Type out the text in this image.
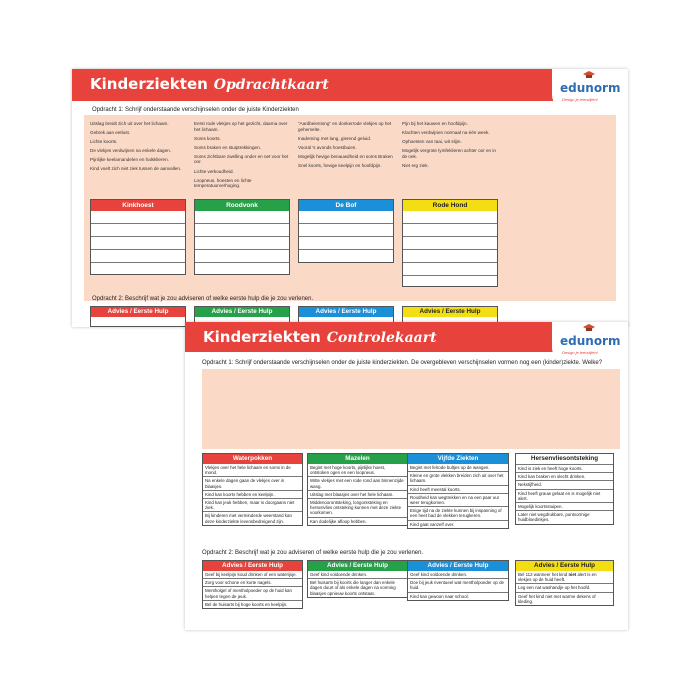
Kinderziekten Opdrachtkaart	edunorm
Design je leerstijlen!
Opdracht 1: Schrijf onderstaande verschijnselen onder de juiste Kinderziekten
Uitslag breidt zich uit over het lichaam.
Gebrek aan eetlust.
Lichte koorts.
De vlekjes verdwijnen na enkele dagen.
Pijnlijke keelamandelen en halsklieren.
Kind voelt zich niet ziek tussen de aanvallen.
Eerst rode vlekjes op het gezicht, daarna over het lichaam.
Soms koorts.
Soms braken en stuiptrekkingen.
Soms zichtbare zwelling onder en net voor het oor.
Lichte verkoudheid.
Loopneus, hoesten en lichte temperatuurverhoging.
“Aardbeientong” en donkerrode vlekjes op het gehemelte.
Inademing met lang, gierend geluid.
Vooral 's avonds hoestbuien.
Mogelijk hevige benauwdheid en soms Braken
Snel koorts, hevige keelpijn en hoofdpijn.
Pijn bij het kauwen en hoofdpijn.
Klachten verdwijnen normaal na één week.
Ophoesten van taai, wit slijm.
Mogelijk vergrote lymfeklieren achter oor en in de nek.
Niet erg ziek.
Kinkhoest	Roodvonk	De Bof	Rode Hond
Opdracht 2: Beschrijf wat je zou adviseren of welke eerste hulp die je zou verlenen.
Advies / Eerste Hulp	Advies / Eerste Hulp	Advies / Eerste Hulp	Advies / Eerste Hulp
Kinderziekten Controlekaart	edunorm
Design je leerstijlen!
Opdracht 1: Schrijf onderstaande verschijnselen onder de juiste kinderziekten. De overgebleven verschijnselen vormen nog een (kinder)ziekte. Welke?
Waterpokken
Vlekjes over het hele lichaam en soms in de mond.
Na enkele dagen gaan de vlekjes over in blaasjes.
Kind kan koorts hebben en keelpijn.
Kind kan jeuk hebben, maar is doorgaans niet ziek.
Bij kinderen met verminderde weerstand kan deze kinderziekte levensbedreigend zijn.
Mazelen
Begint met hoge koorts, pijnlijke hoest, ontstoken ogen en een loopneus.
Witte vlekjes met een rode rond aan binnenzijde wang.
Uitslag met blaasjes over het hele lichaam.
Middenoorontsteking, longontsteking en hersenvlies ontsteking kunnen met deze ziekte voorkomen.
Kan dodelijke afloop hebben.
Vijfde Ziekten
Begint met felrode bultjes op de wangen.
Kleine en grote vlekken breiden zich uit over het lichaam.
Kind heeft meestal koorts.
Roodheid kan wegtrekken en na een paar uur weer terugkomen.
Enige tijd na de ziekte kunnen bij inspanning of een heet bad de vlekken terugkeren.
Kind gaat vanzelf over.
Hersenvliesontsteking
Kind is ziek en heeft hoge koorts.
Kind kan braken en slecht drinken.
Nekstijfheid.
Kind heeft grauw gelaat en is mogelijk niet alert.
Mogelijk koortsstuipen.
Later niet wegdrukbare, puntvormige huidbloedinkjes.
Opdracht 2: Beschrijf wat je zou adviseren of welke eerste hulp die je zou verlenen.
Advies / Eerste Hulp
Geef bij keelpijn koud drinken of een waterijsje.
Zorg voor schone en korte nagels.
Mentholgel of mentholpoeder op de huid kan helpen tegen de jeuk.
Bel de huisarts bij hoge koorts en keelpijn.
Advies / Eerste Hulp
Geef kind voldoende drinken.
Bel huisarts bij koorts die langer dan enkele dagen duurt of als enkele dagen na vorming blaasjes opnieuw koorts ontstaat.
Advies / Eerste Hulp
Geef kind voldoende drinken.
Doe bij jeuk eventueel wat mentholpoeder op de huid.
Kind kan gewoon naar school.
Advies / Eerste Hulp
Bel 112 wanneer het kind niet alert is en vlekjes op de huid heeft.
Leg een nat washandje op het hoofd.
Geef het kind niet met warme dekens of kleding.
